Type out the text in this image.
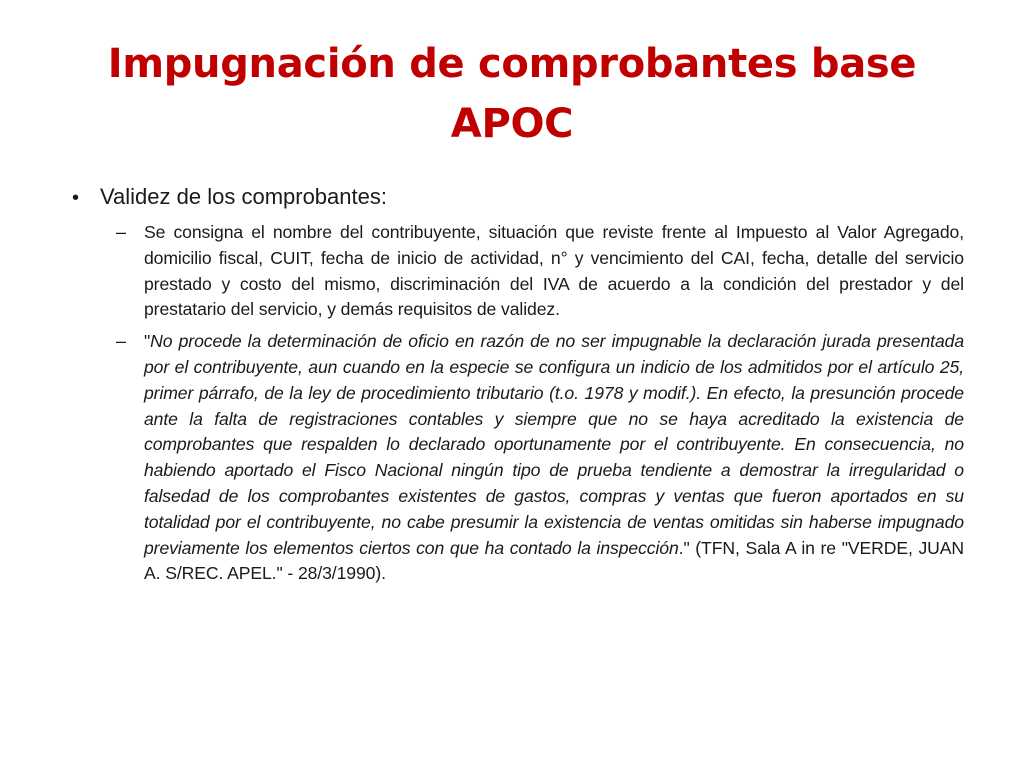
Impugnación de comprobantes base APOC
• Validez de los comprobantes:
–	Se consigna el nombre del contribuyente, situación que reviste frente al Impuesto al Valor Agregado, domicilio fiscal, CUIT, fecha de inicio de actividad, n° y vencimiento del CAI, fecha, detalle del servicio prestado y costo del mismo, discriminación del IVA de acuerdo a la condición del prestador y del prestatario del servicio, y demás requisitos de validez.
–	"No procede la determinación de oficio en razón de no ser impugnable la declaración jurada presentada por el contribuyente, aun cuando en la especie se configura un indicio de los admitidos por el artículo 25, primer párrafo, de la ley de procedimiento tributario (t.o. 1978 y modif.). En efecto, la presunción procede ante la falta de registraciones contables y siempre que no se haya acreditado la existencia de comprobantes que respalden lo declarado oportunamente por el contribuyente. En consecuencia, no habiendo aportado el Fisco Nacional ningún tipo de prueba tendiente a demostrar la irregularidad o falsedad de los comprobantes existentes de gastos, compras y ventas que fueron aportados en su totalidad por el contribuyente, no cabe presumir la existencia de ventas omitidas sin haberse impugnado previamente los elementos ciertos con que ha contado la inspección." (TFN, Sala A in re "VERDE, JUAN A. S/REC. APEL." - 28/3/1990).
